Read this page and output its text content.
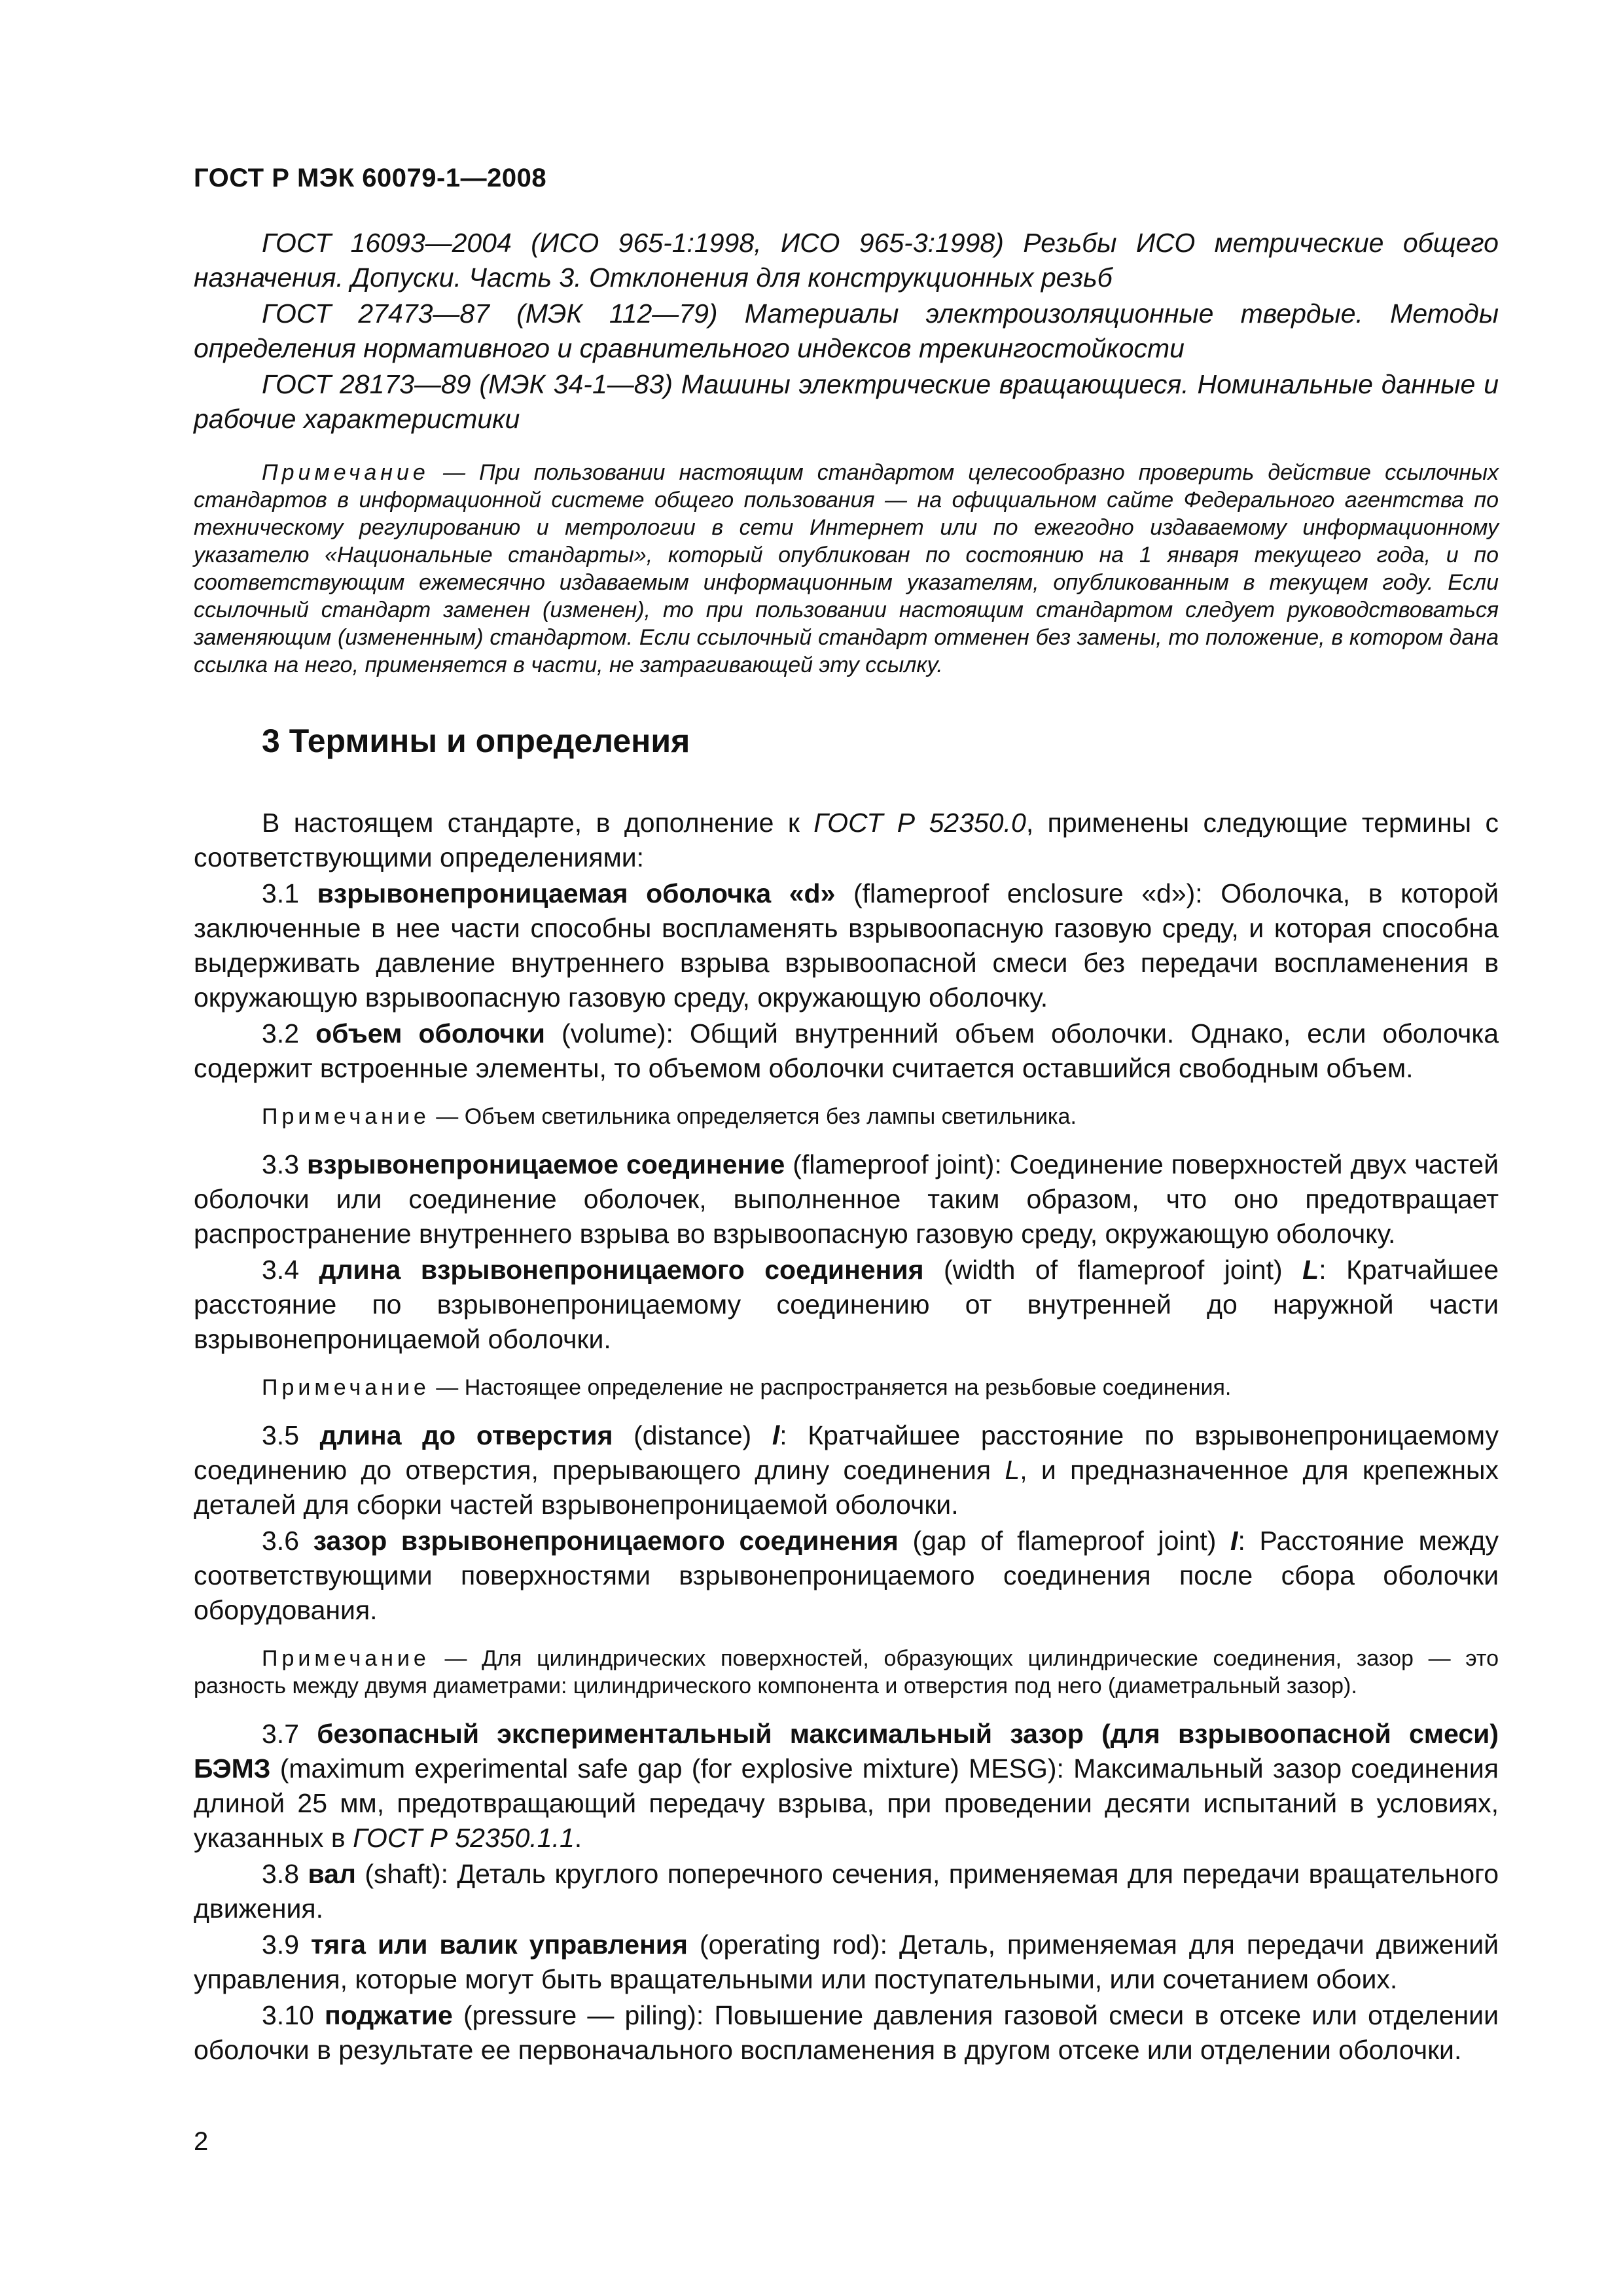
ГОСТ Р МЭК 60079-1—2008

ГОСТ 16093—2004 (ИСО 965-1:1998, ИСО 965-3:1998) Резьбы ИСО метрические общего назначения. Допуски. Часть 3. Отклонения для конструкционных резьб

ГОСТ 27473—87 (МЭК 112—79) Материалы электроизоляционные твердые. Методы определения нормативного и сравнительного индексов трекингостойкости

ГОСТ 28173—89 (МЭК 34-1—83) Машины электрические вращающиеся. Номинальные данные и рабочие характеристики

Примечание — При пользовании настоящим стандартом целесообразно проверить действие ссылочных стандартов в информационной системе общего пользования — на официальном сайте Федерального агентства по техническому регулированию и метрологии в сети Интернет или по ежегодно издаваемому информационному указателю «Национальные стандарты», который опубликован по состоянию на 1 января текущего года, и по соответствующим ежемесячно издаваемым информационным указателям, опубликованным в текущем году. Если ссылочный стандарт заменен (изменен), то при пользовании настоящим стандартом следует руководствоваться заменяющим (измененным) стандартом. Если ссылочный стандарт отменен без замены, то положение, в котором дана ссылка на него, применяется в части, не затрагивающей эту ссылку.

3 Термины и определения

В настоящем стандарте, в дополнение к ГОСТ Р 52350.0, применены следующие термины с соответствующими определениями:

3.1 взрывонепроницаемая оболочка «d» (flameproof enclosure «d»): Оболочка, в которой заключенные в нее части способны воспламенять взрывоопасную газовую среду, и которая способна выдерживать давление внутреннего взрыва взрывоопасной смеси без передачи воспламенения в окружающую взрывоопасную газовую среду, окружающую оболочку.

3.2 объем оболочки (volume): Общий внутренний объем оболочки. Однако, если оболочка содержит встроенные элементы, то объемом оболочки считается оставшийся свободным объем.

Примечание — Объем светильника определяется без лампы светильника.

3.3 взрывонепроницаемое соединение (flameproof joint): Соединение поверхностей двух частей оболочки или соединение оболочек, выполненное таким образом, что оно предотвращает распространение внутреннего взрыва во взрывоопасную газовую среду, окружающую оболочку.

3.4 длина взрывонепроницаемого соединения (width of flameproof joint) L: Кратчайшее расстояние по взрывонепроницаемому соединению от внутренней до наружной части взрывонепроницаемой оболочки.

Примечание — Настоящее определение не распространяется на резьбовые соединения.

3.5 длина до отверстия (distance) l: Кратчайшее расстояние по взрывонепроницаемому соединению до отверстия, прерывающего длину соединения L, и предназначенное для крепежных деталей для сборки частей взрывонепроницаемой оболочки.

3.6 зазор взрывонепроницаемого соединения (gap of flameproof joint) I: Расстояние между соответствующими поверхностями взрывонепроницаемого соединения после сбора оболочки оборудования.

Примечание — Для цилиндрических поверхностей, образующих цилиндрические соединения, зазор — это разность между двумя диаметрами: цилиндрического компонента и отверстия под него (диаметральный зазор).

3.7 безопасный экспериментальный максимальный зазор (для взрывоопасной смеси) БЭМЗ (maximum experimental safe gap (for explosive mixture) MESG): Максимальный зазор соединения длиной 25 мм, предотвращающий передачу взрыва, при проведении десяти испытаний в условиях, указанных в ГОСТ Р 52350.1.1.

3.8 вал (shaft): Деталь круглого поперечного сечения, применяемая для передачи вращательного движения.

3.9 тяга или валик управления (operating rod): Деталь, применяемая для передачи движений управления, которые могут быть вращательными или поступательными, или сочетанием обоих.

3.10 поджатие (pressure — piling): Повышение давления газовой смеси в отсеке или отделении оболочки в результате ее первоначального воспламенения в другом отсеке или отделении оболочки.

2
